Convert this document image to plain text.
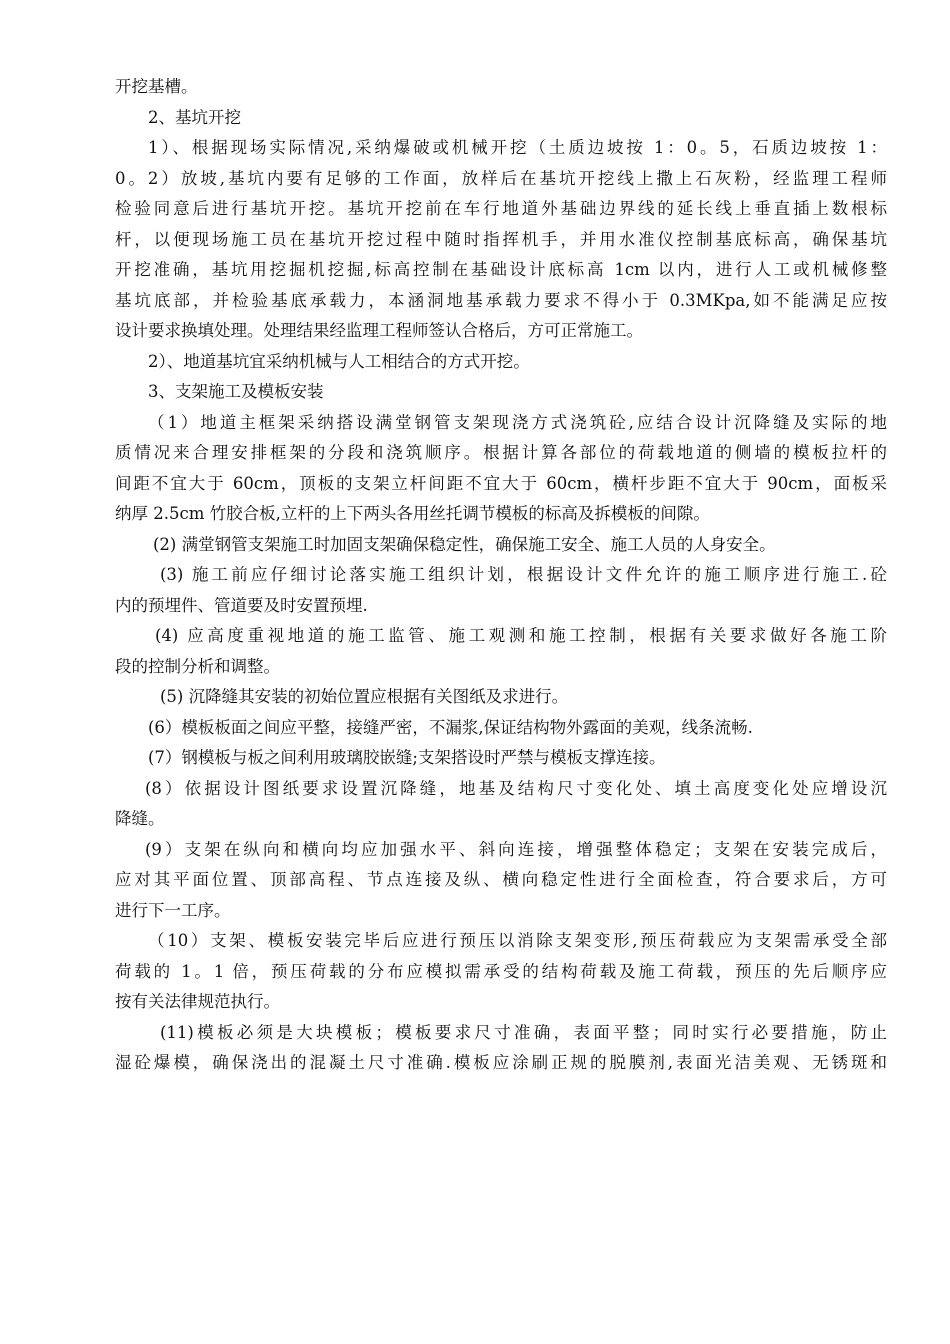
开挖基槽。
2、基坑开挖
1）、根据现场实际情况,采纳爆破或机械开挖（土质边坡按 1：0。5，石质边坡按 1：
0。2）放坡,基坑内要有足够的工作面，放样后在基坑开挖线上撒上石灰粉，经监理工程师
检验同意后进行基坑开挖。基坑开挖前在车行地道外基础边界线的延长线上垂直插上数根标
杆，以便现场施工员在基坑开挖过程中随时指挥机手，并用水准仪控制基底标高，确保基坑
开挖准确，基坑用挖掘机挖掘,标高控制在基础设计底标高 1cm 以内，进行人工或机械修整
基坑底部，并检验基底承载力，本涵洞地基承载力要求不得小于 0.3MKpa,如不能满足应按
设计要求换填处理。处理结果经监理工程师签认合格后，方可正常施工。
2）、地道基坑宜采纳机械与人工相结合的方式开挖。
3、支架施工及模板安装
（1）地道主框架采纳搭设满堂钢管支架现浇方式浇筑砼,应结合设计沉降缝及实际的地
质情况来合理安排框架的分段和浇筑顺序。根据计算各部位的荷载地道的侧墙的模板拉杆的
间距不宜大于 60cm，顶板的支架立杆间距不宜大于 60cm，横杆步距不宜大于 90cm，面板采
纳厚 2.5cm 竹胶合板,立杆的上下两头各用丝托调节模板的标高及拆模板的间隙。
(2) 满堂钢管支架施工时加固支架确保稳定性，确保施工安全、施工人员的人身安全。
(3) 施工前应仔细讨论落实施工组织计划，根据设计文件允许的施工顺序进行施工.砼
内的预埋件、管道要及时安置预埋.
(4) 应高度重视地道的施工监管、施工观测和施工控制，根据有关要求做好各施工阶
段的控制分析和调整。
(5) 沉降缝其安装的初始位置应根据有关图纸及求进行。
(6）模板板面之间应平整，接缝严密，不漏浆,保证结构物外露面的美观，线条流畅.
(7）钢模板与板之间利用玻璃胶嵌缝;支架搭设时严禁与模板支撑连接。
(8）依据设计图纸要求设置沉降缝，地基及结构尺寸变化处、填土高度变化处应增设沉
降缝。
(9）支架在纵向和横向均应加强水平、斜向连接，增强整体稳定；支架在安装完成后，
应对其平面位置、顶部高程、节点连接及纵、横向稳定性进行全面检查，符合要求后，方可
进行下一工序。
（10）支架、模板安装完毕后应进行预压以消除支架变形,预压荷载应为支架需承受全部
荷载的 1。1 倍，预压荷载的分布应模拟需承受的结构荷载及施工荷载，预压的先后顺序应
按有关法律规范执行。
(11)模板必须是大块模板；模板要求尺寸准确，表面平整；同时实行必要措施，防止
湿砼爆模，确保浇出的混凝土尺寸准确.模板应涂刷正规的脱膜剂,表面光洁美观、无锈斑和
